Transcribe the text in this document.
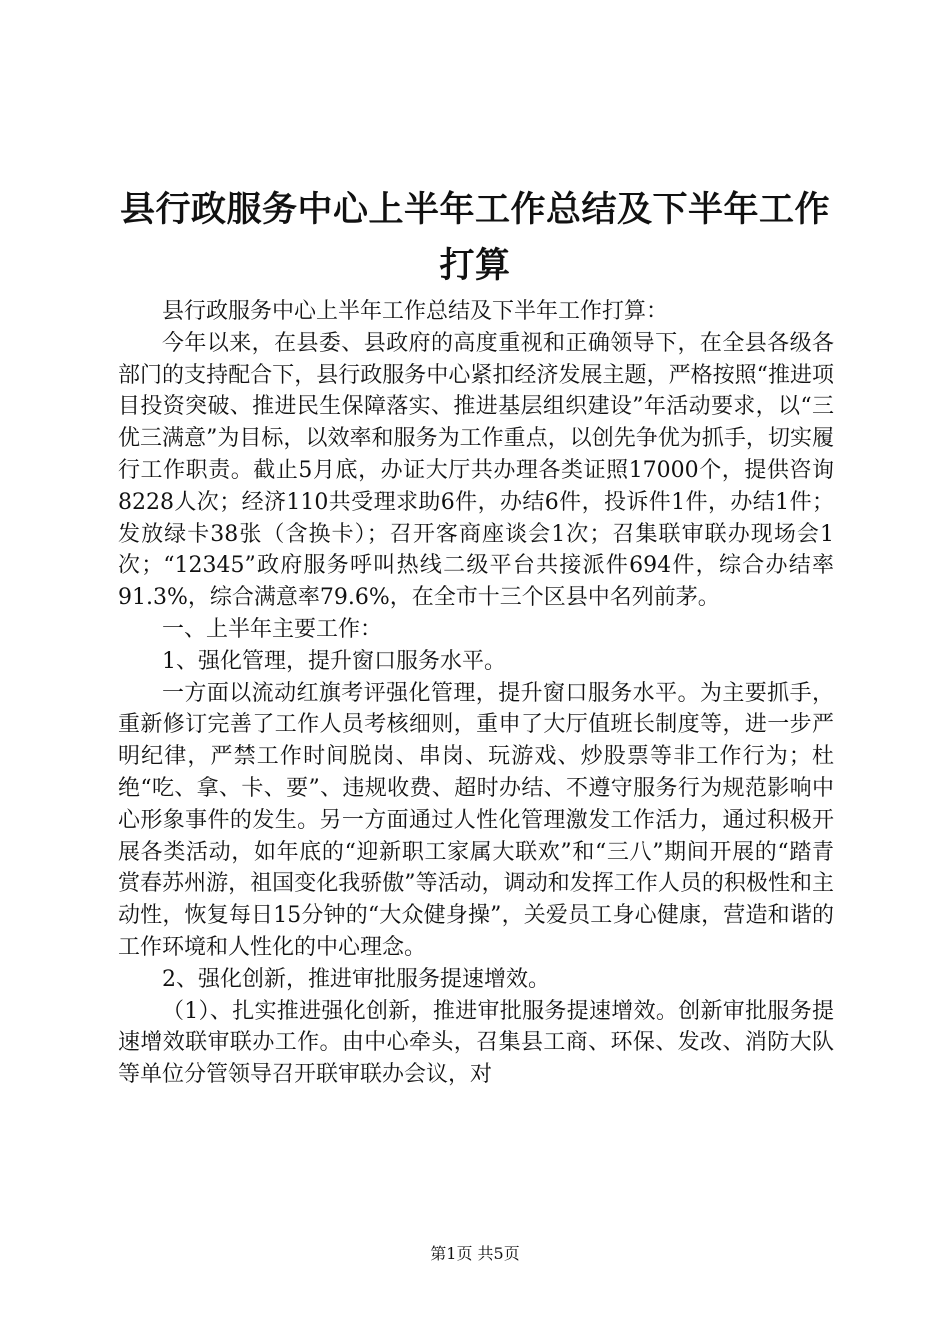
县行政服务中心上半年工作总结及下半年工作打算

县行政服务中心上半年工作总结及下半年工作打算：

今年以来，在县委、县政府的高度重视和正确领导下，在全县各级各部门的支持配合下，县行政服务中心紧扣经济发展主题，严格按照“推进项目投资突破、推进民生保障落实、推进基层组织建设”年活动要求，以“三优三满意”为目标，以效率和服务为工作重点，以创先争优为抓手，切实履行工作职责。截止5月底，办证大厅共办理各类证照17000个，提供咨询8228人次；经济110共受理求助6件，办结6件，投诉件1件，办结1件；发放绿卡38张（含换卡）；召开客商座谈会1次；召集联审联办现场会1次；“12345”政府服务呼叫热线二级平台共接派件694件，综合办结率91.3%，综合满意率79.6%，在全市十三个区县中名列前茅。

一、上半年主要工作：

1、强化管理，提升窗口服务水平。

一方面以流动红旗考评强化管理，提升窗口服务水平。为主要抓手，重新修订完善了工作人员考核细则，重申了大厅值班长制度等，进一步严明纪律，严禁工作时间脱岗、串岗、玩游戏、炒股票等非工作行为；杜绝“吃、拿、卡、要”、违规收费、超时办结、不遵守服务行为规范影响中心形象事件的发生。另一方面通过人性化管理激发工作活力，通过积极开展各类活动，如年底的“迎新职工家属大联欢”和“三八”期间开展的“踏青赏春苏州游，祖国变化我骄傲”等活动，调动和发挥工作人员的积极性和主动性，恢复每日15分钟的“大众健身操”，关爱员工身心健康，营造和谐的工作环境和人性化的中心理念。

2、强化创新，推进审批服务提速增效。

（1）、扎实推进强化创新，推进审批服务提速增效。创新审批服务提速增效联审联办工作。由中心牵头，召集县工商、环保、发改、消防大队等单位分管领导召开联审联办会议，对

第1页 共5页
